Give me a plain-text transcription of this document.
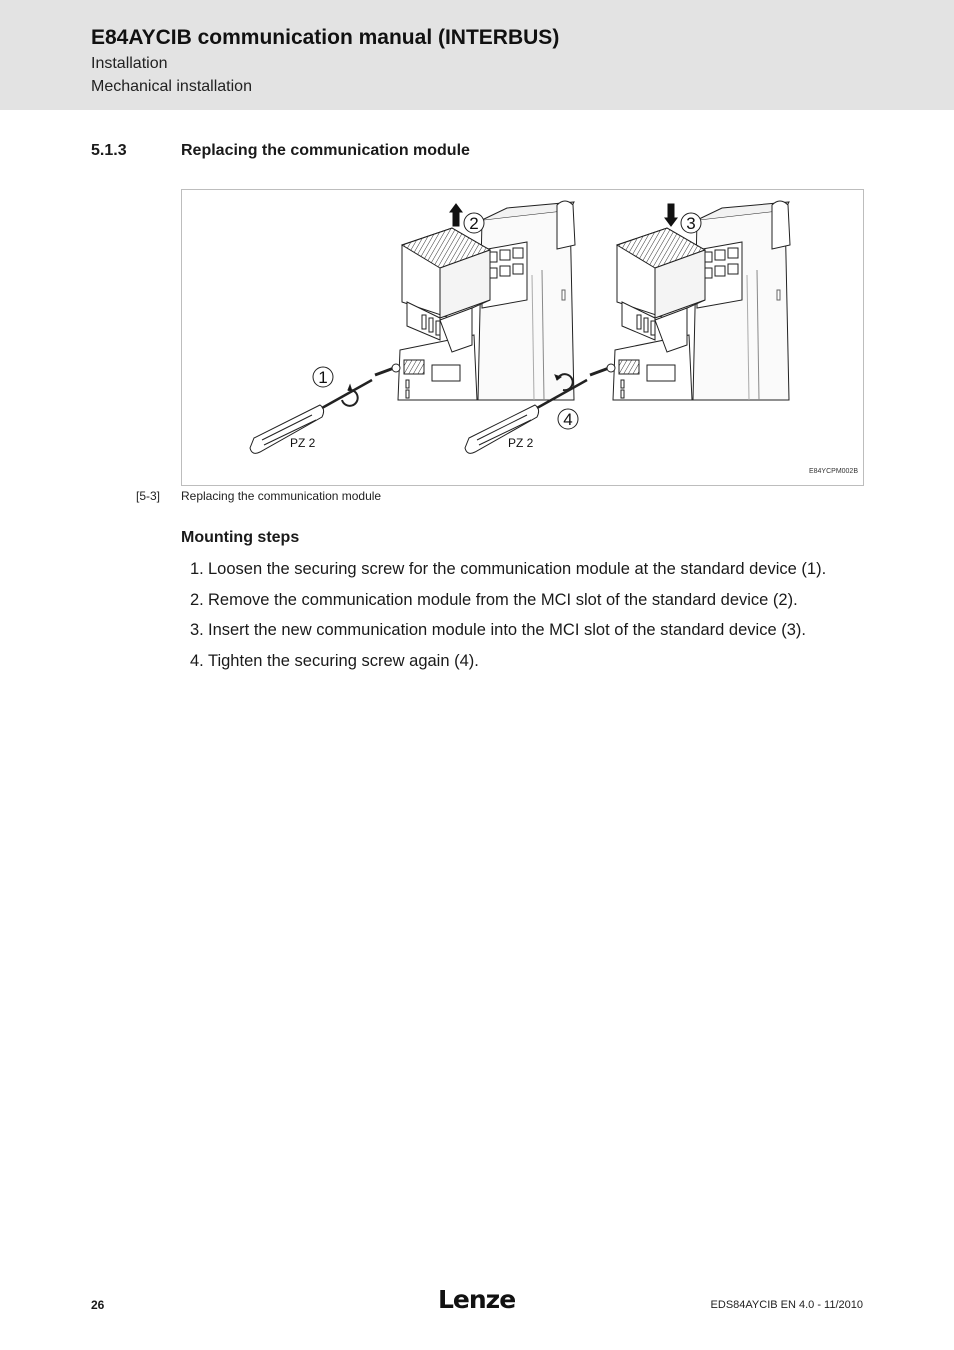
E84AYCIB communication manual (INTERBUS)
Installation
Mechanical installation
5.1.3	Replacing the communication module
1
2	3
4
PZ 2	PZ 2
E84YCPM002B
[5-3] Replacing the communication module
Mounting steps
1. Loosen the securing screw for the communication module at the standard device (1).
2. Remove the communication module from the MCI slot of the standard device (2).
3. Insert the new communication module into the MCI slot of the standard device (3).
4. Tighten the securing screw again (4).
26	Lenze	EDS84AYCIB EN 4.0 - 11/2010
